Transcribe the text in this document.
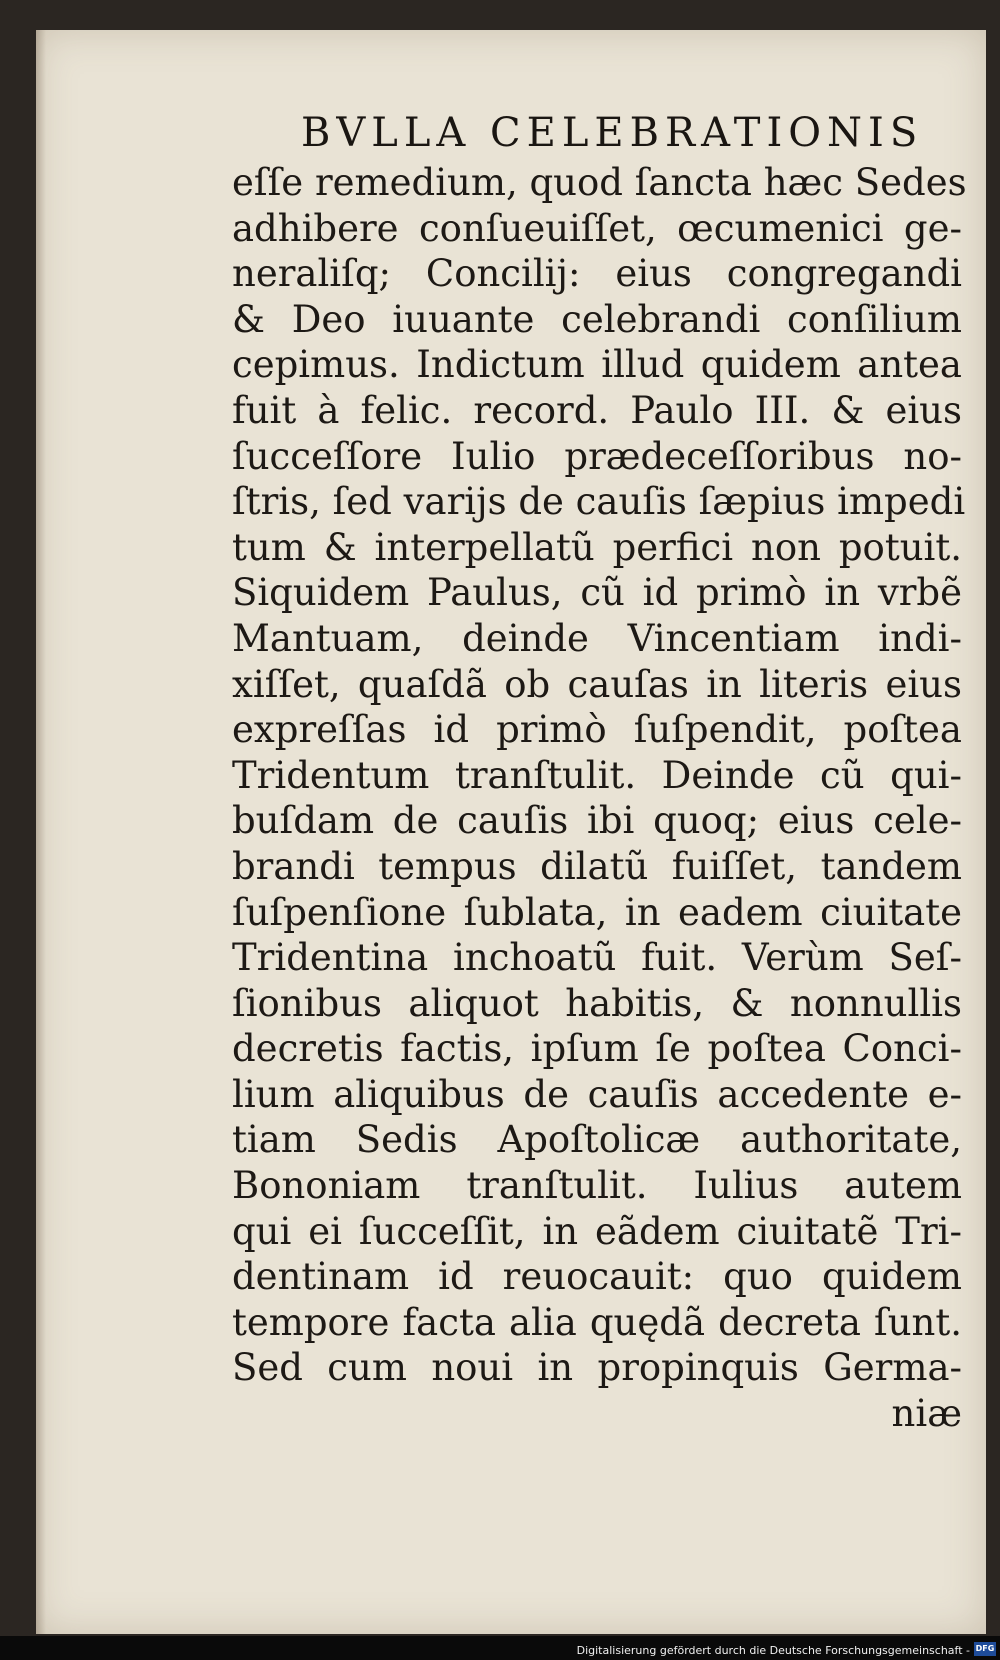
BVLLA CELEBRATIONIS
eſſe remedium, quod ſancta hæc Sedes
adhibere conſueuiſſet, œcumenici ge-
neraliſq; Concilij: eius congregandi
& Deo iuuante celebrandi conſilium
cepimus. Indictum illud quidem antea
fuit à felic. record. Paulo III. & eius
ſucceſſore Iulio prædeceſſoribus no-
ſtris, ſed varijs de cauſis ſæpius impedi
tum & interpellatũ perfici non potuit.
Siquidem Paulus, cũ id primò in vrbẽ
Mantuam, deinde Vincentiam indi-
xiſſet, quaſdã ob cauſas in literis eius
expreſſas id primò ſuſpendit, poſtea
Tridentum tranſtulit. Deinde cũ qui-
buſdam de cauſis ibi quoq; eius cele-
brandi tempus dilatũ fuiſſet, tandem
ſuſpenſione ſublata, in eadem ciuitate
Tridentina inchoatũ fuit. Verùm Seſ-
ſionibus aliquot habitis, & nonnullis
decretis factis, ipſum ſe poſtea Conci-
lium aliquibus de cauſis accedente e-
tiam Sedis Apoſtolicæ authoritate,
Bononiam tranſtulit. Iulius autem
qui ei ſucceſſit, in eãdem ciuitatẽ Tri-
dentinam id reuocauit: quo quidem
tempore facta alia quędã decreta ſunt.
Sed cum noui in propinquis Germa-
niæ
Digitalisierung gefördert durch die Deutsche Forschungsgemeinschaft - DFG
